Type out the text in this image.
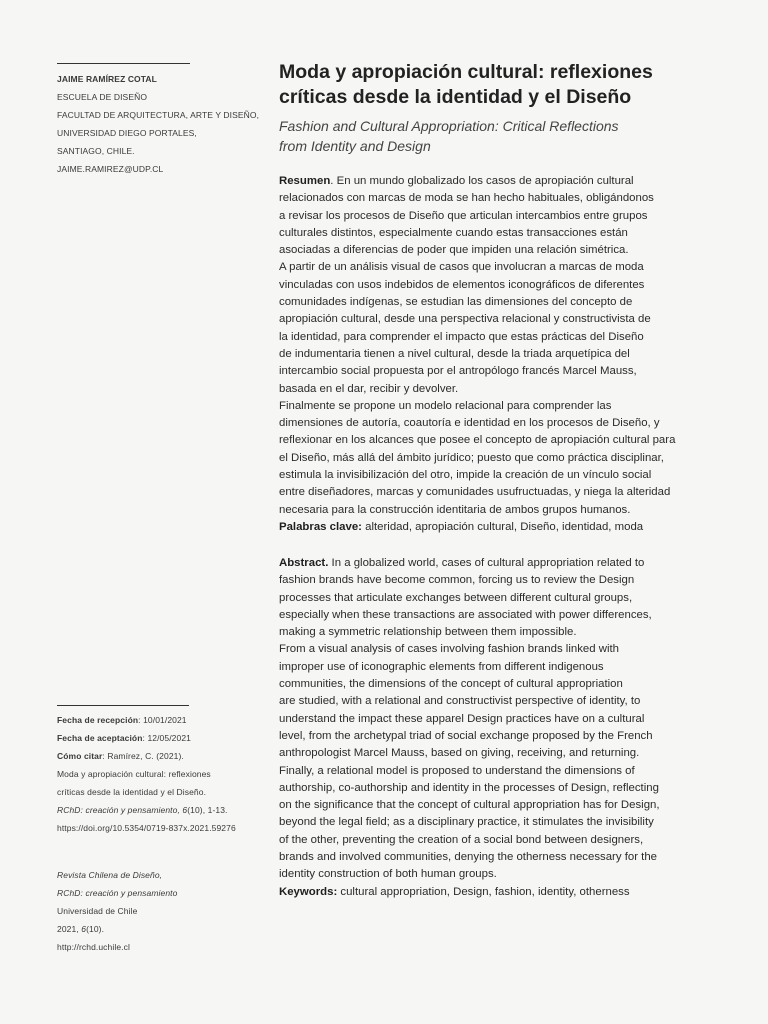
JAIME RAMÍREZ COTAL
ESCUELA DE DISEÑO
FACULTAD DE ARQUITECTURA, ARTE Y DISEÑO,
UNIVERSIDAD DIEGO PORTALES,
SANTIAGO, CHILE.
JAIME.RAMIREZ@UDP.CL
Fecha de recepción: 10/01/2021
Fecha de aceptación: 12/05/2021
Cómo citar: Ramírez, C. (2021).
Moda y apropiación cultural: reflexiones
críticas desde la identidad y el Diseño.
RChD: creación y pensamiento, 6(10), 1-13.
https://doi.org/10.5354/0719-837x.2021.59276
Revista Chilena de Diseño,
RChD: creación y pensamiento
Universidad de Chile
2021, 6(10).
http://rchd.uchile.cl
Moda y apropiación cultural: reflexiones
críticas desde la identidad y el Diseño
Fashion and Cultural Appropriation: Critical Reflections
from Identity and Design
Resumen. En un mundo globalizado los casos de apropiación cultural
relacionados con marcas de moda se han hecho habituales, obligándonos
a revisar los procesos de Diseño que articulan intercambios entre grupos
culturales distintos, especialmente cuando estas transacciones están
asociadas a diferencias de poder que impiden una relación simétrica.
A partir de un análisis visual de casos que involucran a marcas de moda
vinculadas con usos indebidos de elementos iconográficos de diferentes
comunidades indígenas, se estudian las dimensiones del concepto de
apropiación cultural, desde una perspectiva relacional y constructivista de
la identidad, para comprender el impacto que estas prácticas del Diseño
de indumentaria tienen a nivel cultural, desde la triada arquetípica del
intercambio social propuesta por el antropólogo francés Marcel Mauss,
basada en el dar, recibir y devolver.
Finalmente se propone un modelo relacional para comprender las
dimensiones de autoría, coautoría e identidad en los procesos de Diseño, y
reflexionar en los alcances que posee el concepto de apropiación cultural para
el Diseño, más allá del ámbito jurídico; puesto que como práctica disciplinar,
estimula la invisibilización del otro, impide la creación de un vínculo social
entre diseñadores, marcas y comunidades usufructuadas, y niega la alteridad
necesaria para la construcción identitaria de ambos grupos humanos.
Palabras clave: alteridad, apropiación cultural, Diseño, identidad, moda
Abstract. In a globalized world, cases of cultural appropriation related to
fashion brands have become common, forcing us to review the Design
processes that articulate exchanges between different cultural groups,
especially when these transactions are associated with power differences,
making a symmetric relationship between them impossible.
From a visual analysis of cases involving fashion brands linked with
improper use of iconographic elements from different indigenous
communities, the dimensions of the concept of cultural appropriation
are studied, with a relational and constructivist perspective of identity, to
understand the impact these apparel Design practices have on a cultural
level, from the archetypal triad of social exchange proposed by the French
anthropologist Marcel Mauss, based on giving, receiving, and returning.
Finally, a relational model is proposed to understand the dimensions of
authorship, co-authorship and identity in the processes of Design, reflecting
on the significance that the concept of cultural appropriation has for Design,
beyond the legal field; as a disciplinary practice, it stimulates the invisibility
of the other, preventing the creation of a social bond between designers,
brands and involved communities, denying the otherness necessary for the
identity construction of both human groups.
Keywords: cultural appropriation, Design, fashion, identity, otherness
